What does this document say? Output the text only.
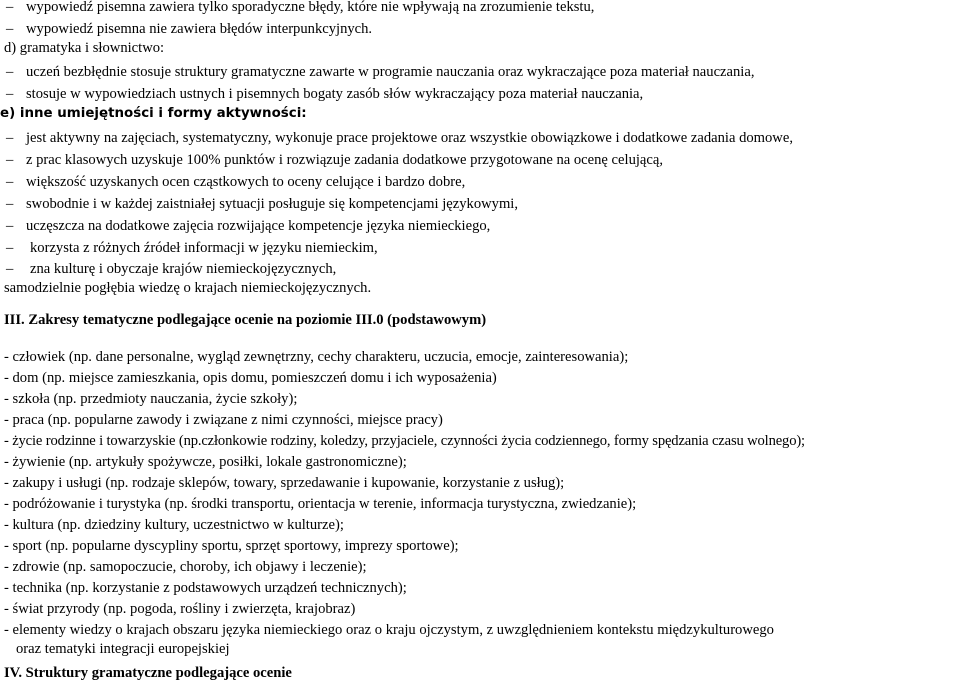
– wypowiedź pisemna zawiera tylko sporadyczne błędy, które nie wpływają na zrozumienie tekstu,
– wypowiedź pisemna nie zawiera błędów interpunkcyjnych.
d) gramatyka i słownictwo:
– uczeń bezbłędnie stosuje struktury gramatyczne zawarte w programie nauczania oraz wykraczające poza materiał nauczania,
– stosuje w wypowiedziach ustnych i pisemnych bogaty zasób słów wykraczający poza materiał nauczania,
e) inne umiejętności i formy aktywności:
– jest aktywny na zajęciach, systematyczny, wykonuje prace projektowe oraz wszystkie obowiązkowe i dodatkowe zadania domowe,
– z prac klasowych uzyskuje 100% punktów i rozwiązuje zadania dodatkowe przygotowane na ocenę celującą,
– większość uzyskanych ocen cząstkowych to oceny celujące i bardzo dobre,
– swobodnie i w każdej zaistniałej sytuacji posługuje się kompetencjami językowymi,
– uczęszcza na dodatkowe zajęcia rozwijające kompetencje języka niemieckiego,
– korzysta z różnych źródeł informacji w języku niemieckim,
– zna kulturę i obyczaje krajów niemieckojęzycznych,
samodzielnie pogłębia wiedzę o krajach niemieckojęzycznych.
III. Zakresy tematyczne podlegające ocenie na poziomie III.0 (podstawowym)
- człowiek (np. dane personalne, wygląd zewnętrzny, cechy charakteru, uczucia, emocje, zainteresowania);
- dom (np. miejsce zamieszkania, opis domu, pomieszczeń domu i ich wyposażenia)
- szkoła (np. przedmioty nauczania, życie szkoły);
- praca (np. popularne zawody i związane z nimi czynności, miejsce pracy)
- życie rodzinne i towarzyskie (np.członkowie rodziny, koledzy, przyjaciele, czynności życia codziennego, formy spędzania czasu wolnego);
- żywienie (np. artykuły spożywcze, posiłki, lokale gastronomiczne);
- zakupy i usługi (np. rodzaje sklepów, towary, sprzedawanie i kupowanie, korzystanie z usług);
- podróżowanie i turystyka (np. środki transportu, orientacja w terenie, informacja turystyczna, zwiedzanie);
- kultura (np. dziedziny kultury, uczestnictwo w kulturze);
- sport (np. popularne dyscypliny sportu, sprzęt sportowy, imprezy sportowe);
- zdrowie (np. samopoczucie, choroby, ich objawy i leczenie);
- technika (np. korzystanie z podstawowych urządzeń technicznych);
- świat przyrody (np. pogoda, rośliny i zwierzęta, krajobraz)
- elementy wiedzy o krajach obszaru języka niemieckiego oraz o kraju ojczystym, z uwzględnieniem kontekstu międzykulturowego
oraz tematyki integracji europejskiej
IV. Struktury gramatyczne podlegające ocenie
